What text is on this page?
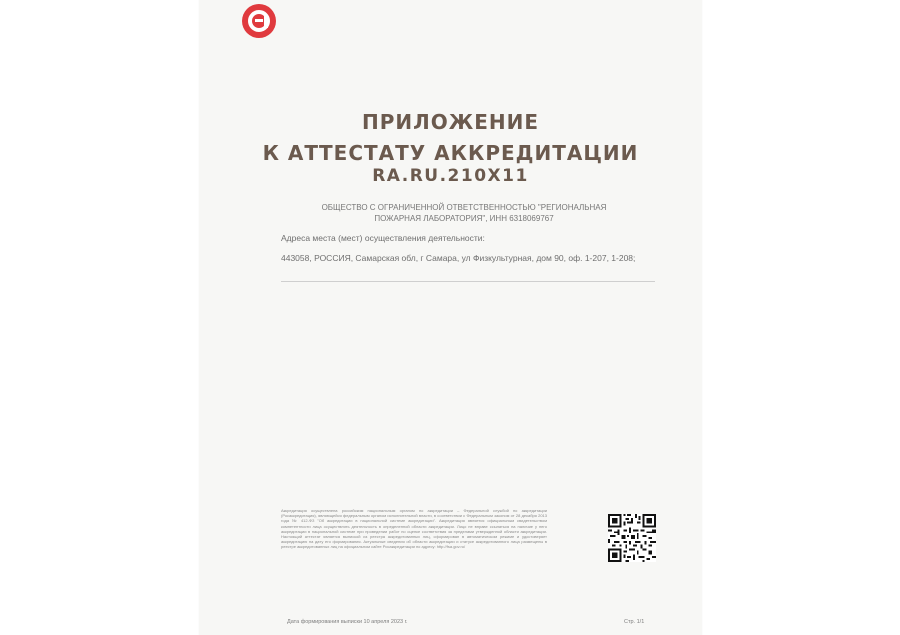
ПРИЛОЖЕНИЕ
К АТТЕСТАТУ АККРЕДИТАЦИИ
RA.RU.210X11
ОБЩЕСТВО С ОГРАНИЧЕННОЙ ОТВЕТСТВЕННОСТЬЮ "РЕГИОНАЛЬНАЯ ПОЖАРНАЯ ЛАБОРАТОРИЯ", ИНН 6318069767
Адреса места (мест) осуществления деятельности:
443058, РОССИЯ, Самарская обл, г Самара, ул Физкультурная, дом 90, оф. 1-207, 1-208;
Аккредитация осуществлена российским национальным органом по аккредитации – Федеральной службой по аккредитации (Росаккредитация), являющейся федеральным органом исполнительной власти, в соответствии с Федеральным законом от 28 декабря 2013 года № 412-ФЗ "Об аккредитации в национальной системе аккредитации". Аккредитация является официальным свидетельством компетентности лица осуществлять деятельность в определенной области аккредитации. Лицо не вправе ссылаться на наличие у него аккредитации в национальной системе при проведении работ по оценке соответствия за пределами утвержденной области аккредитации. Настоящий аттестат является выпиской из реестра аккредитованных лиц, сформирован в автоматическом режиме и удостоверяет аккредитацию на дату его формирования. Актуальные сведения об области аккредитации и статусе аккредитованного лица размещены в реестре аккредитованных лиц на официальном сайте Росаккредитации по адресу: http://fsa.gov.ru/
Дата формирования выписки 10 апреля 2023 г.	Стр. 1/1
